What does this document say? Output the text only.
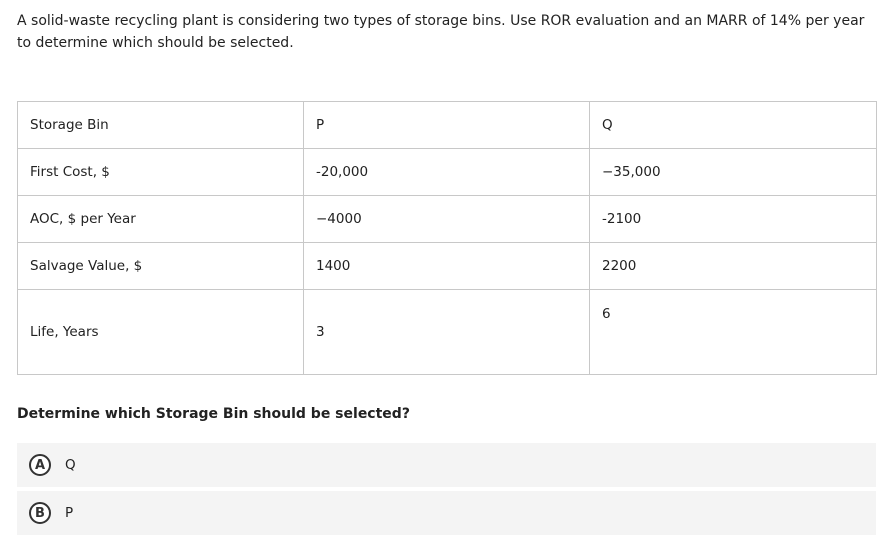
A solid-waste recycling plant is considering two types of storage bins. Use ROR evaluation and an MARR of 14% per year to determine which should be selected.

Storage Bin	P	Q
First Cost, $	-20,000	−35,000
AOC, $ per Year	−4000	-2100
Salvage Value, $	1400	2200
Life, Years	3	6

Determine which Storage Bin should be selected?

A	Q
B	P
